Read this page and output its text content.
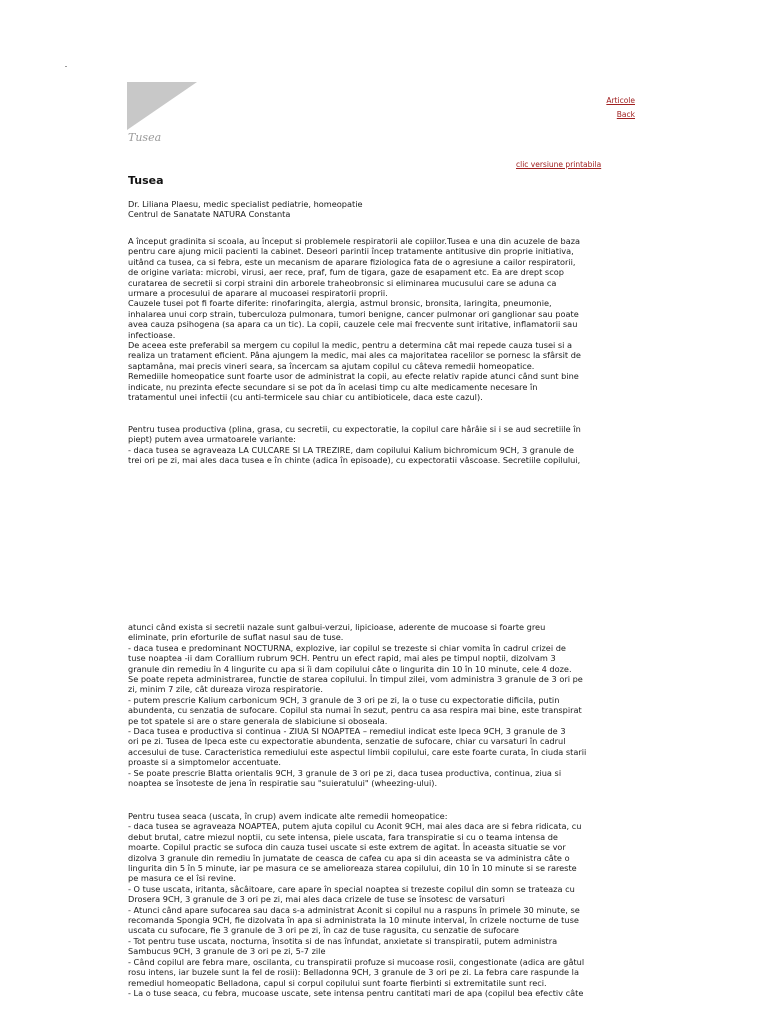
Tusea
Articole
Back
clic versiune printabila
Tusea

Dr. Liliana Plaesu, medic specialist pediatrie, homeopatie
Centrul de Sanatate NATURA Constanta

A început gradinita si scoala, au început si problemele respiratorii ale copiilor.Tusea e una din acuzele de baza
pentru care ajung micii pacienti la cabinet. Deseori parintii încep tratamente antitusive din proprie initiativa,
uitând ca tusea, ca si febra, este un mecanism de aparare fiziologica fata de o agresiune a cailor respiratorii,
de origine variata: microbi, virusi, aer rece, praf, fum de tigara, gaze de esapament etc. Ea are drept scop
curatarea de secretii si corpi straini din arborele traheobronsic si eliminarea mucusului care se aduna ca
urmare a procesului de aparare al mucoasei respiratorii proprii.
Cauzele tusei pot fi foarte diferite: rinofaringita, alergia, astmul bronsic, bronsita, laringita, pneumonie,
inhalarea unui corp strain, tuberculoza pulmonara, tumori benigne, cancer pulmonar ori ganglionar sau poate
avea cauza psihogena (sa apara ca un tic). La copii, cauzele cele mai frecvente sunt iritative, inflamatorii sau
infectioase.
De aceea este preferabil sa mergem cu copilul la medic, pentru a determina cât mai repede cauza tusei si a
realiza un tratament eficient. Pâna ajungem la medic, mai ales ca majoritatea racelilor se pornesc la sfârsit de
saptamâna, mai precis vineri seara, sa încercam sa ajutam copilul cu câteva remedii homeopatice.
Remediile homeopatice sunt foarte usor de administrat la copii, au efecte relativ rapide atunci când sunt bine
indicate, nu prezinta efecte secundare si se pot da în acelasi timp cu alte medicamente necesare în
tratamentul unei infectii (cu anti-termicele sau chiar cu antibioticele, daca este cazul).

Pentru tusea productiva (plina, grasa, cu secretii, cu expectoratie, la copilul care hârâie si i se aud secretiile în
piept) putem avea urmatoarele variante:
- daca tusea se agraveaza LA CULCARE SI LA TREZIRE, dam copilului Kalium bichromicum 9CH, 3 granule de
trei ori pe zi, mai ales daca tusea e în chinte (adica în episoade), cu expectoratii vâscoase. Secretiile copilului,

atunci când exista si secretii nazale sunt galbui-verzui, lipicioase, aderente de mucoase si foarte greu
eliminate, prin eforturile de suflat nasul sau de tuse.
- daca tusea e predominant NOCTURNA, explozive, iar copilul se trezeste si chiar vomita în cadrul crizei de
tuse noaptea -ii dam Corallium rubrum 9CH. Pentru un efect rapid, mai ales pe timpul noptii, dizolvam 3
granule din remediu în 4 lingurite cu apa si îi dam copilului câte o lingurita din 10 în 10 minute, cele 4 doze.
Se poate repeta administrarea, functie de starea copilului. În timpul zilei, vom administra 3 granule de 3 ori pe
zi, minim 7 zile, cât dureaza viroza respiratorie.
- putem prescrie Kalium carbonicum 9CH, 3 granule de 3 ori pe zi, la o tuse cu expectoratie dificila, putin
abundenta, cu senzatia de sufocare. Copilul sta numai în sezut, pentru ca asa respira mai bine, este transpirat
pe tot spatele si are o stare generala de slabiciune si oboseala.
- Daca tusea e productiva si continua - ZIUA SI NOAPTEA – remediul indicat este Ipeca 9CH, 3 granule de 3
ori pe zi. Tusea de Ipeca este cu expectoratie abundenta, senzatie de sufocare, chiar cu varsaturi în cadrul
accesului de tuse. Caracteristica remediului este aspectul limbii copilului, care este foarte curata, în ciuda starii
proaste si a simptomelor accentuate.
- Se poate prescrie Blatta orientalis 9CH, 3 granule de 3 ori pe zi, daca tusea productiva, continua, ziua si
noaptea se însoteste de jena în respiratie sau "suieratului" (wheezing-ului).

Pentru tusea seaca (uscata, în crup) avem indicate alte remedii homeopatice:
- daca tusea se agraveaza NOAPTEA, putem ajuta copilul cu Aconit 9CH, mai ales daca are si febra ridicata, cu
debut brutal, catre miezul noptii, cu sete intensa, piele uscata, fara transpiratie si cu o teama intensa de
moarte. Copilul practic se sufoca din cauza tusei uscate si este extrem de agitat. În aceasta situatie se vor
dizolva 3 granule din remediu în jumatate de ceasca de cafea cu apa si din aceasta se va administra câte o
lingurita din 5 în 5 minute, iar pe masura ce se amelioreaza starea copilului, din 10 în 10 minute si se rareste
pe masura ce el îsi revine.
- O tuse uscata, iritanta, sâcâitoare, care apare în special noaptea si trezeste copilul din somn se trateaza cu
Drosera 9CH, 3 granule de 3 ori pe zi, mai ales daca crizele de tuse se însotesc de varsaturi
- Atunci când apare sufocarea sau daca s-a administrat Aconit si copilul nu a raspuns în primele 30 minute, se
recomanda Spongia 9CH, fie dizolvata în apa si administrata la 10 minute interval, în crizele nocturne de tuse
uscata cu sufocare, fie 3 granule de 3 ori pe zi, în caz de tuse ragusita, cu senzatie de sufocare
- Tot pentru tuse uscata, nocturna, însotita si de nas înfundat, anxietate si transpiratii, putem administra
Sambucus 9CH, 3 granule de 3 ori pe zi, 5-7 zile
- Când copilul are febra mare, oscilanta, cu transpiratii profuze si mucoase rosii, congestionate (adica are gâtul
rosu intens, iar buzele sunt la fel de rosii): Belladonna 9CH, 3 granule de 3 ori pe zi. La febra care raspunde la
remediul homeopatic Belladona, capul si corpul copilului sunt foarte fierbinti si extremitatile sunt reci.
- La o tuse seaca, cu febra, mucoase uscate, sete intensa pentru cantitati mari de apa (copilul bea efectiv câte
